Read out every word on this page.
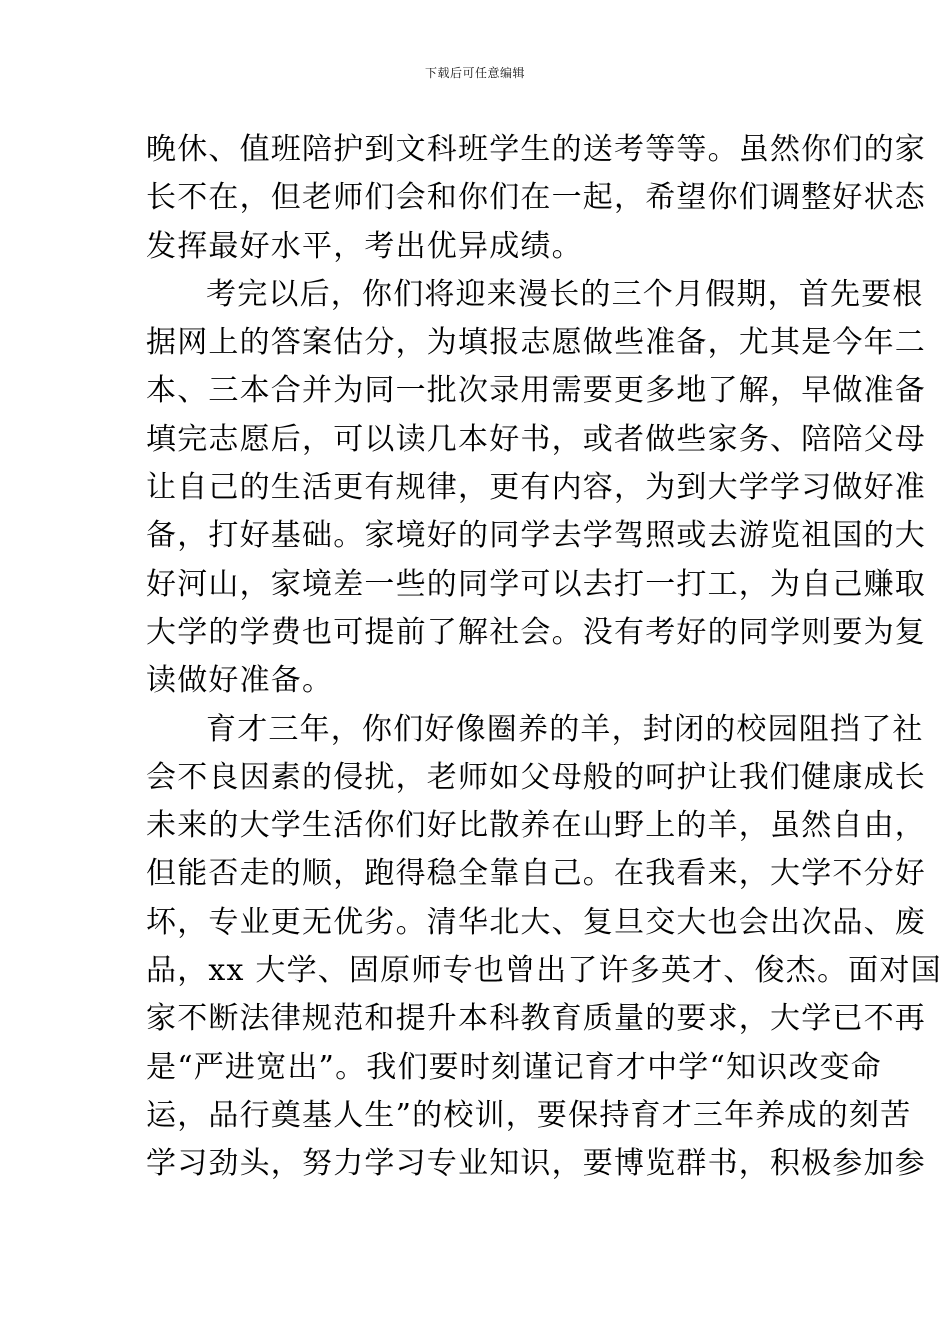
下载后可任意编辑
晚休、值班陪护到文科班学生的送考等等。虽然你们的家
长不在，但老师们会和你们在一起，希望你们调整好状态
发挥最好水平，考出优异成绩。
考完以后，你们将迎来漫长的三个月假期，首先要根
据网上的答案估分，为填报志愿做些准备，尤其是今年二
本、三本合并为同一批次录用需要更多地了解，早做准备
填完志愿后，可以读几本好书，或者做些家务、陪陪父母
让自己的生活更有规律，更有内容，为到大学学习做好准
备，打好基础。家境好的同学去学驾照或去游览祖国的大
好河山，家境差一些的同学可以去打一打工，为自己赚取
大学的学费也可提前了解社会。没有考好的同学则要为复
读做好准备。
育才三年，你们好像圈养的羊，封闭的校园阻挡了社
会不良因素的侵扰，老师如父母般的呵护让我们健康成长
未来的大学生活你们好比散养在山野上的羊，虽然自由，
但能否走的顺，跑得稳全靠自己。在我看来，大学不分好
坏，专业更无优劣。清华北大、复旦交大也会出次品、废
品，xx 大学、固原师专也曾出了许多英才、俊杰。面对国
家不断法律规范和提升本科教育质量的要求，大学已不再
是“严进宽出”。我们要时刻谨记育才中学“知识改变命
运，品行奠基人生”的校训，要保持育才三年养成的刻苦
学习劲头，努力学习专业知识，要博览群书，积极参加参
